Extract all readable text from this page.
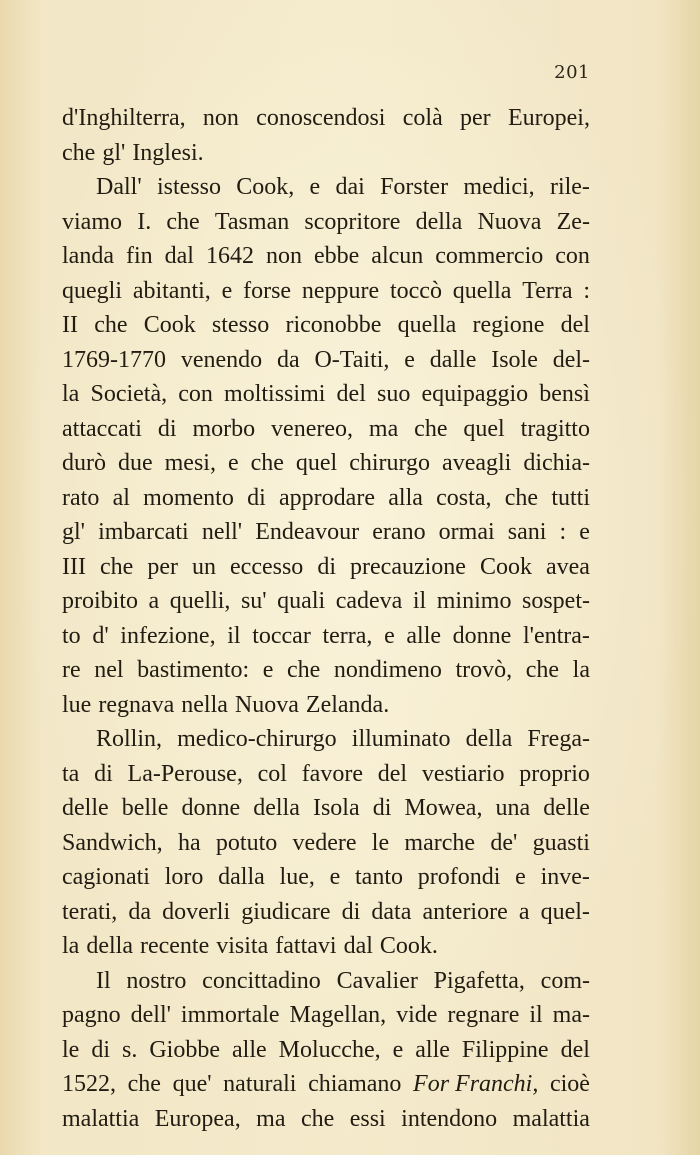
201
d'Inghilterra, non conoscendosi colà per Europei,
che gl' Inglesi.
Dall' istesso Cook, e dai Forster medici, rile-
viamo I. che Tasman scopritore della Nuova Ze-
landa fin dal 1642 non ebbe alcun commercio con
quegli abitanti, e forse neppure toccò quella Terra :
II che Cook stesso riconobbe quella regione del
1769-1770 venendo da O-Taiti, e dalle Isole del-
la Società, con moltissimi del suo equipaggio bensì
attaccati di morbo venereo, ma che quel tragitto
durò due mesi, e che quel chirurgo aveagli dichia-
rato al momento di approdare alla costa, che tutti
gl' imbarcati nell' Endeavour erano ormai sani : e
III che per un eccesso di precauzione Cook avea
proibito a quelli, su' quali cadeva il minimo sospet-
to d' infezione, il toccar terra, e alle donne l'entra-
re nel bastimento: e che nondimeno trovò, che la
lue regnava nella Nuova Zelanda.
Rollin, medico-chirurgo illuminato della Frega-
ta di La-Perouse, col favore del vestiario proprio
delle belle donne della Isola di Mowea, una delle
Sandwich, ha potuto vedere le marche de' guasti
cagionati loro dalla lue, e tanto profondi e inve-
terati, da doverli giudicare di data anteriore a quel-
la della recente visita fattavi dal Cook.
Il nostro concittadino Cavalier Pigafetta, com-
pagno dell' immortale Magellan, vide regnare il ma-
le di s. Giobbe alle Molucche, e alle Filippine del
1522, che que' naturali chiamano For Franchi, cioè
malattia Europea, ma che essi intendono malattia
